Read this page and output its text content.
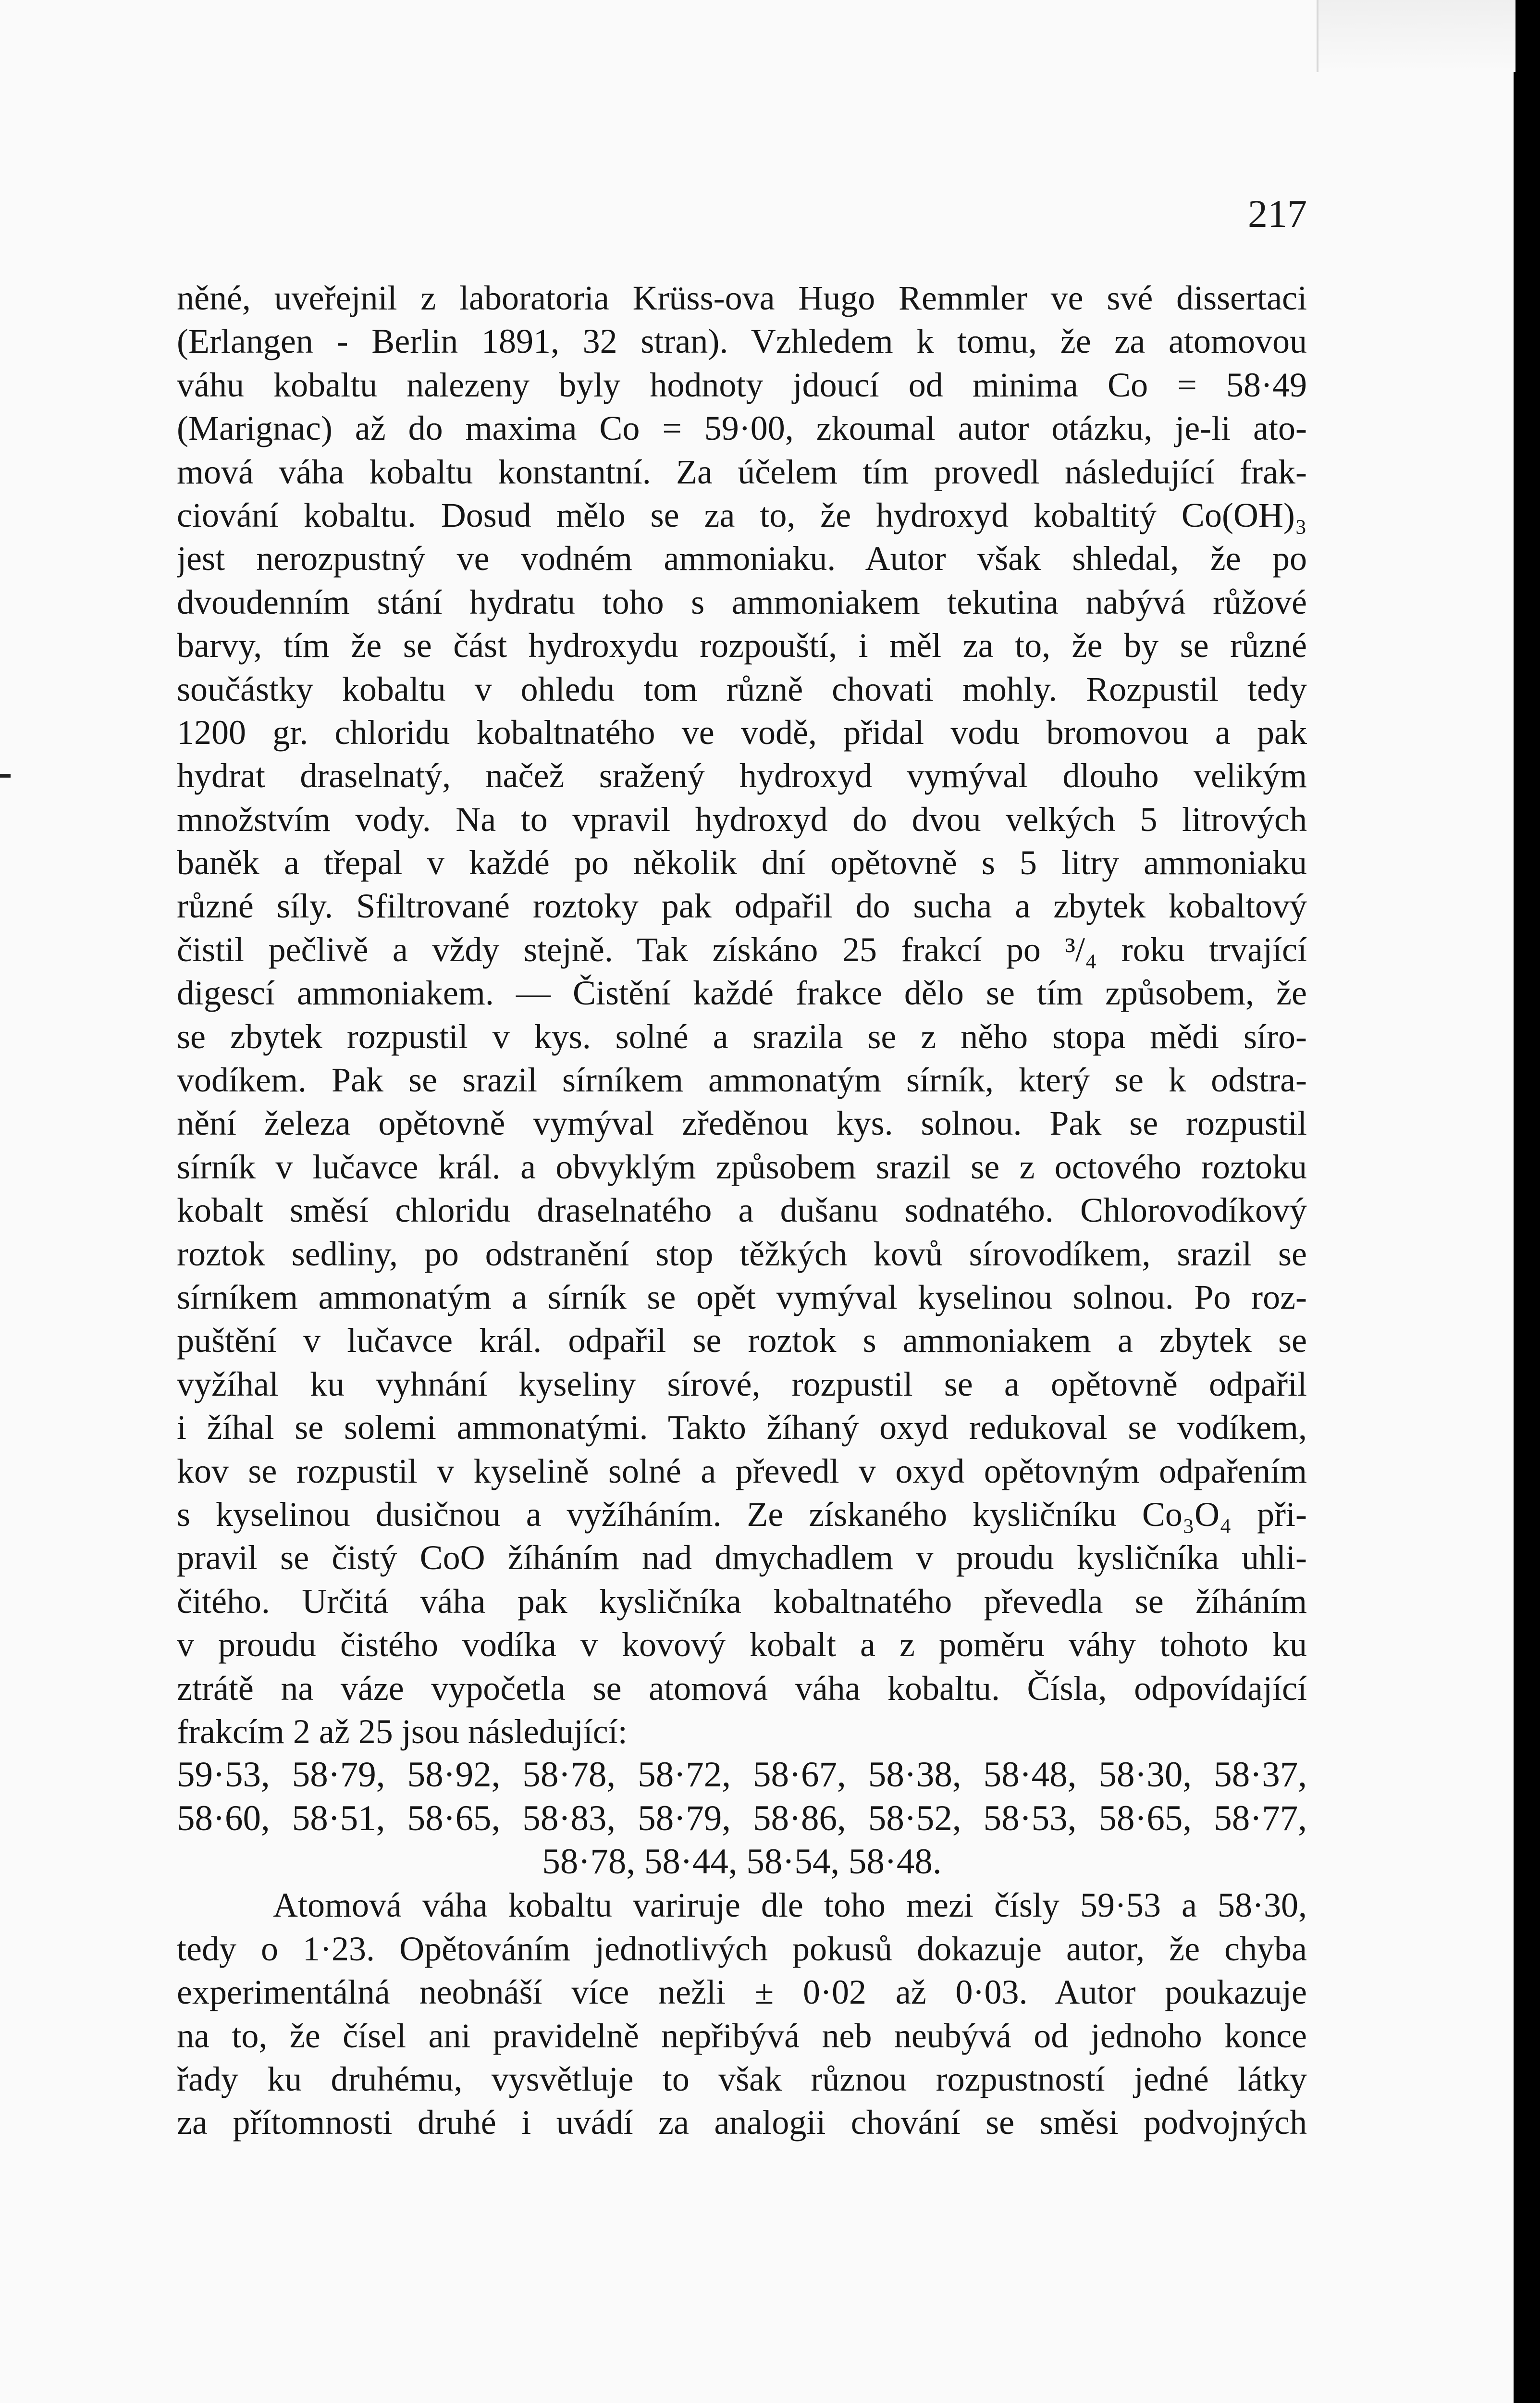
217
něné, uveřejnil z laboratoria Krüss-ova Hugo Remmler ve své dissertaci
(Erlangen - Berlin 1891, 32 stran). Vzhledem k tomu, že za atomovou
váhu kobaltu nalezeny byly hodnoty jdoucí od minima Co = 58·49
(Marignac) až do maxima Co = 59·00, zkoumal autor otázku, je-li ato-
mová váha kobaltu konstantní. Za účelem tím provedl následující frak-
ciování kobaltu. Dosud mělo se za to, že hydroxyd kobaltitý Co(OH)₃
jest nerozpustný ve vodném ammoniaku. Autor však shledal, že po
dvoudenním stání hydratu toho s ammoniakem tekutina nabývá růžové
barvy, tím že se část hydroxydu rozpouští, i měl za to, že by se různé
součástky kobaltu v ohledu tom různě chovati mohly. Rozpustil tedy
1200 gr. chloridu kobaltnatého ve vodě, přidal vodu bromovou a pak
hydrat draselnatý, načež sražený hydroxyd vymýval dlouho velikým
množstvím vody. Na to vpravil hydroxyd do dvou velkých 5 litrových
baněk a třepal v každé po několik dní opětovně s 5 litry ammoniaku
různé síly. Sfiltrované roztoky pak odpařil do sucha a zbytek kobaltový
čistil pečlivě a vždy stejně. Tak získáno 25 frakcí po ³/₄ roku trvající
digescí ammoniakem. — Čistění každé frakce dělo se tím způsobem, že
se zbytek rozpustil v kys. solné a srazila se z něho stopa mědi sírо-
vodíkem. Pak se srazil sírníkem ammonatým sírník, který se k odstra-
nění železa opětovně vymýval zředěnou kys. solnou. Pak se rozpustil
sírník v lučavce král. a obvyklým způsobem srazil se z octového roztoku
kobalt směsí chloridu draselnatého a dušanu sodnatého. Chlorovodíkový
roztok sedliny, po odstranění stop těžkých kovů sírovodíkem, srazil se
sírníkem ammonatým a sírník se opět vymýval kyselinou solnou. Po roz-
puštění v lučavce král. odpařil se roztok s ammoniakem a zbytek se
vyžíhal ku vyhnání kyseliny sírové, rozpustil se a opětovně odpařil
i žíhal se solemi ammonatými. Takto žíhaný oxyd redukoval se vodíkem,
kov se rozpustil v kyselině solné a převedl v oxyd opětovným odpařením
s kyselinou dusičnou a vyžíháním. Ze získaného kysličníku Co₃O₄ při-
pravil se čistý CoO žíháním nad dmychadlem v proudu kysličníka uhli-
čitého. Určitá váha pak kysličníka kobaltnatého převedla se žíháním
v proudu čistého vodíka v kovový kobalt a z poměru váhy tohoto ku
ztrátě na váze vypočetla se atomová váha kobaltu. Čísla, odpovídající
frakcím 2 až 25 jsou následující:
59·53, 58·79, 58·92, 58·78, 58·72, 58·67, 58·38, 58·48, 58·30, 58·37,
58·60, 58·51, 58·65, 58·83, 58·79, 58·86, 58·52, 58·53, 58·65, 58·77,
58·78, 58·44, 58·54, 58·48.
Atomová váha kobaltu variruje dle toho mezi čísly 59·53 a 58·30,
tedy o 1·23. Opětováním jednotlivých pokusů dokazuje autor, že chyba
experimentálná neobnáší více nežli ± 0·02 až 0·03. Autor poukazuje
na to, že čísel ani pravidelně nepřibývá neb neubývá od jednoho konce
řady ku druhému, vysvětluje to však různou rozpustností jedné látky
za přítomnosti druhé i uvádí za analogii chování se směsi podvojných
